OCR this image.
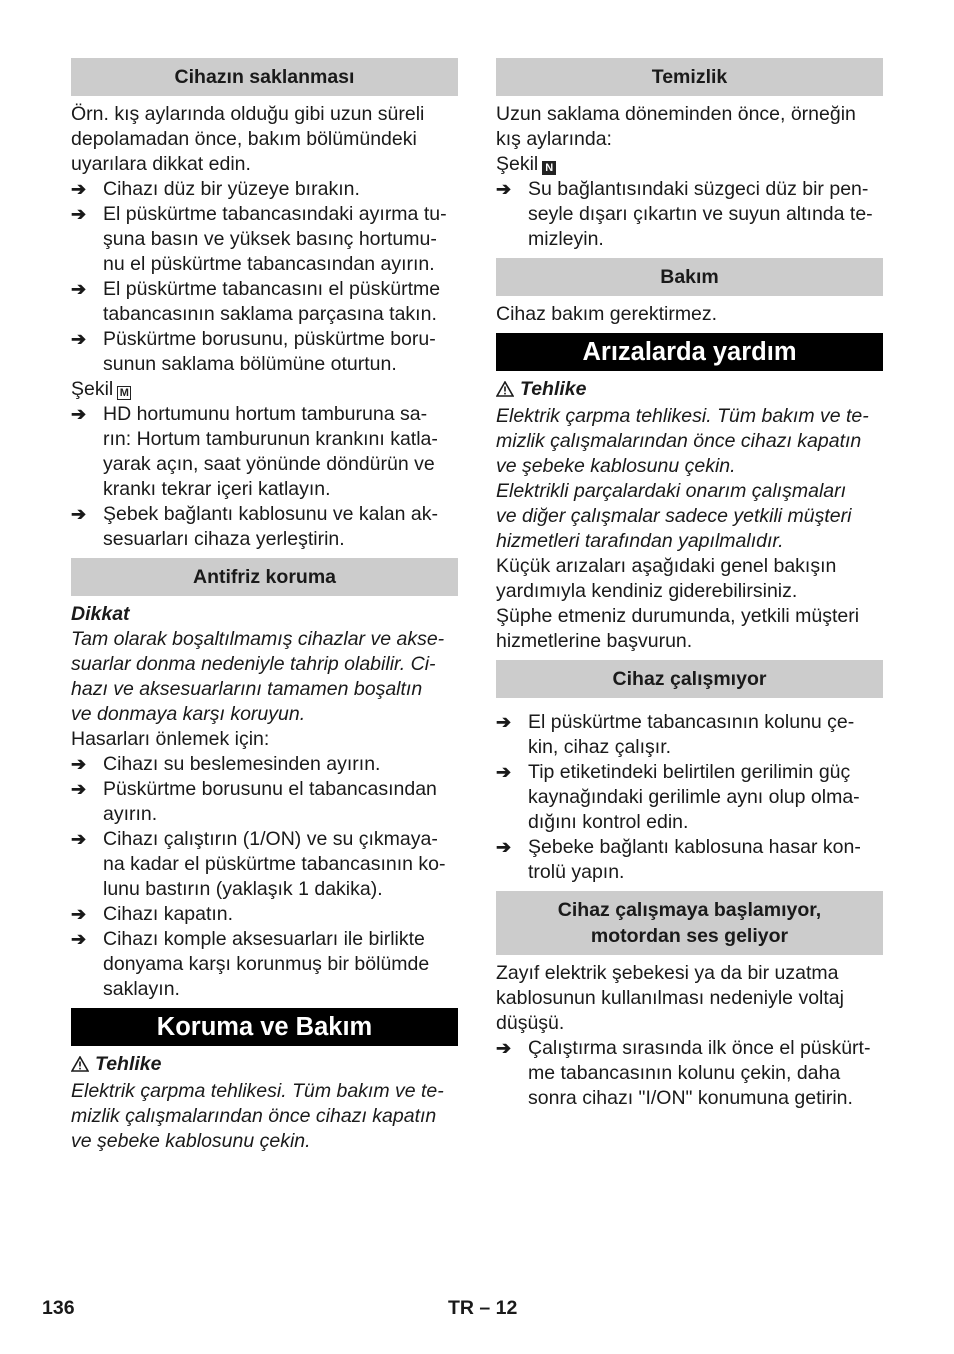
Cihazın saklanması

Örn. kış aylarında olduğu gibi uzun süreli

depolamadan önce, bakım bölümündeki

uyarılara dikkat edin.

➔ Cihazı düz bir yüzeye bırakın.
➔ El püskürtme tabancasındaki ayırma tu-
şuna basın ve yüksek basınç hortumu-
nu el püskürtme tabancasından ayırın.
➔ El püskürtme tabancasını el püskürtme
tabancasının saklama parçasına takın.
➔ Püskürtme borusunu, püskürtme boru-
sunun saklama bölümüne oturtun.

Şekil M

➔ HD hortumunu hortum tamburuna sa-
rın: Hortum tamburunun krankını katla-
yarak açın, saat yönünde döndürün ve
krankı tekrar içeri katlayın.
➔ Şebek bağlantı kablosunu ve kalan ak-
sesuarları cihaza yerleştirin.
Antifriz koruma

Dikkat

Tam olarak boşaltılmamış cihazlar ve akse-

suarlar donma nedeniyle tahrip olabilir. Ci-

hazı ve aksesuarlarını tamamen boşaltın

ve donmaya karşı koruyun.

Hasarları önlemek için:

➔ Cihazı su beslemesinden ayırın.
➔ Püskürtme borusunu el tabancasından
ayırın.
➔ Cihazı çalıştırın (1/ON) ve su çıkmaya-
na kadar el püskürtme tabancasının ko-
lunu bastırın (yaklaşık 1 dakika).
➔ Cihazı kapatın.
➔ Cihazı komple aksesuarları ile birlikte
donyama karşı korunmuş bir bölümde
saklayın.
Koruma ve Bakım

Tehlike

Elektrik çarpma tehlikesi. Tüm bakım ve te-

mizlik çalışmalarından önce cihazı kapatın

ve şebeke kablosunu çekin.

Temizlik

Uzun saklama döneminden önce, örneğin

kış aylarında:

Şekil N

➔ Su bağlantısındaki süzgeci düz bir pen-
seyle dışarı çıkartın ve suyun altında te-
mizleyin.
Bakım

Cihaz bakım gerektirmez.

Arızalarda yardım

Tehlike

Elektrik çarpma tehlikesi. Tüm bakım ve te-

mizlik çalışmalarından önce cihazı kapatın

ve şebeke kablosunu çekin.

Elektrikli parçalardaki onarım çalışmaları

ve diğer çalışmalar sadece yetkili müşteri

hizmetleri tarafından yapılmalıdır.

Küçük arızaları aşağıdaki genel bakışın

yardımıyla kendiniz giderebilirsiniz.

Şüphe etmeniz durumunda, yetkili müşteri

hizmetlerine başvurun.

Cihaz çalışmıyor
➔ El püskürtme tabancasının kolunu çe-
kin, cihaz çalışır.
➔ Tip etiketindeki belirtilen gerilimin güç
kaynağındaki gerilimle aynı olup olma-
dığını kontrol edin.
➔ Şebeke bağlantı kablosuna hasar kon-
trolü yapın.
Cihaz çalışmaya başlamıyor,
motordan ses geliyor

Zayıf elektrik şebekesi ya da bir uzatma

kablosunun kullanılması nedeniyle voltaj

düşüşü.

➔ Çalıştırma sırasında ilk önce el püskürt-
me tabancasının kolunu çekin, daha
sonra cihazı "I/ON" konumuna getirin.
136	TR – 12
